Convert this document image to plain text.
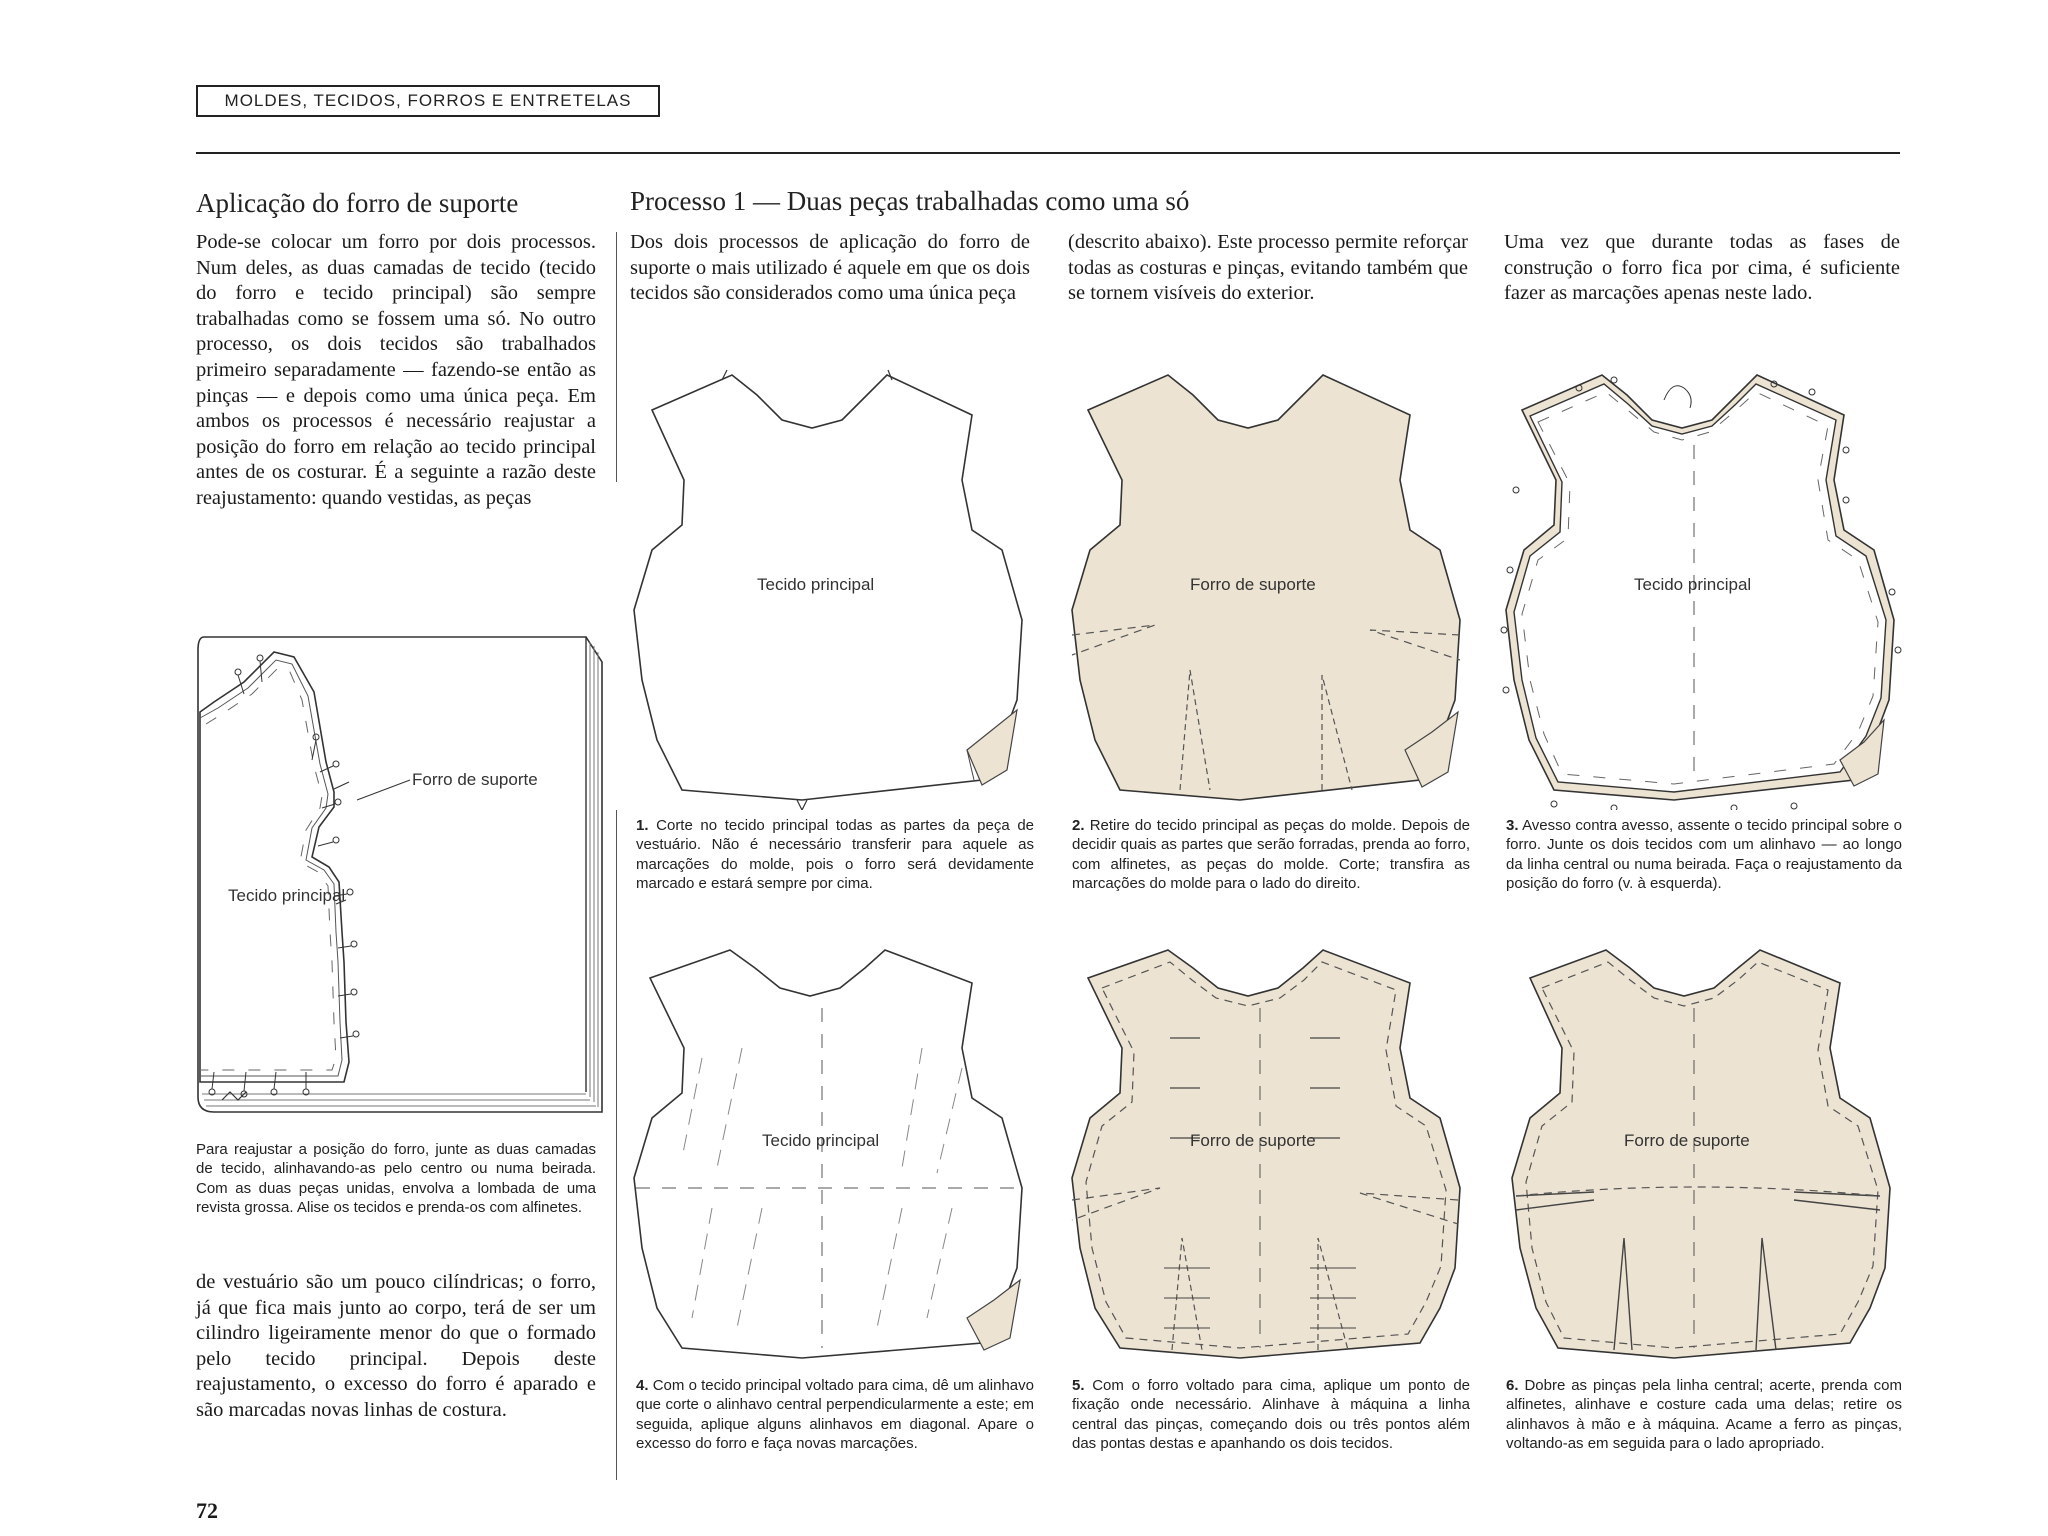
MOLDES, TECIDOS, FORROS E ENTRETELAS
Aplicação do forro de suporte
Pode-se colocar um forro por dois processos. Num deles, as duas camadas de tecido (tecido do forro e tecido principal) são sempre trabalhadas como se fossem uma só. No outro processo, os dois tecidos são trabalhados primeiro separadamente — fazendo-se então as pinças — e depois como uma única peça. Em ambos os processos é necessário reajustar a posição do forro em relação ao tecido principal antes de os costurar. É a seguinte a razão deste reajustamento: quando vestidas, as peças
Forro de suporte
Tecido principal
Para reajustar a posição do forro, junte as duas camadas de tecido, alinhavando-as pelo centro ou numa beirada. Com as duas peças unidas, envolva a lombada de uma revista grossa. Alise os tecidos e prenda-os com alfinetes.
de vestuário são um pouco cilíndricas; o forro, já que fica mais junto ao corpo, terá de ser um cilindro ligeiramente menor do que o formado pelo tecido principal. Depois deste reajustamento, o excesso do forro é aparado e são marcadas novas linhas de costura.
72
Processo 1 — Duas peças trabalhadas como uma só
Dos dois processos de aplicação do forro de suporte o mais utilizado é aquele em que os dois tecidos são considerados como uma única peça
(descrito abaixo). Este processo permite reforçar todas as costuras e pinças, evitando também que se tornem visíveis do exterior.
Uma vez que durante todas as fases de construção o forro fica por cima, é suficiente fazer as marcações apenas neste lado.
Tecido principal
1. Corte no tecido principal todas as partes da peça de vestuário. Não é necessário transferir para aquele as marcações do molde, pois o forro será devidamente marcado e estará sempre por cima.
Forro de suporte
2. Retire do tecido principal as peças do molde. Depois de decidir quais as partes que serão forradas, prenda ao forro, com alfinetes, as peças do molde. Corte; transfira as marcações do molde para o lado do direito.
Tecido principal
3. Avesso contra avesso, assente o tecido principal sobre o forro. Junte os dois tecidos com um alinhavo — ao longo da linha central ou numa beirada. Faça o reajustamento da posição do forro (v. à esquerda).
Tecido principal
4. Com o tecido principal voltado para cima, dê um alinhavo que corte o alinhavo central perpendicularmente a este; em seguida, aplique alguns alinhavos em diagonal. Apare o excesso do forro e faça novas marcações.
Forro de suporte
5. Com o forro voltado para cima, aplique um ponto de fixação onde necessário. Alinhave à máquina a linha central das pinças, começando dois ou três pontos além das pontas destas e apanhando os dois tecidos.
Forro de suporte
6. Dobre as pinças pela linha central; acerte, prenda com alfinetes, alinhave e costure cada uma delas; retire os alinhavos à mão e à máquina. Acame a ferro as pinças, voltando-as em seguida para o lado apropriado.
